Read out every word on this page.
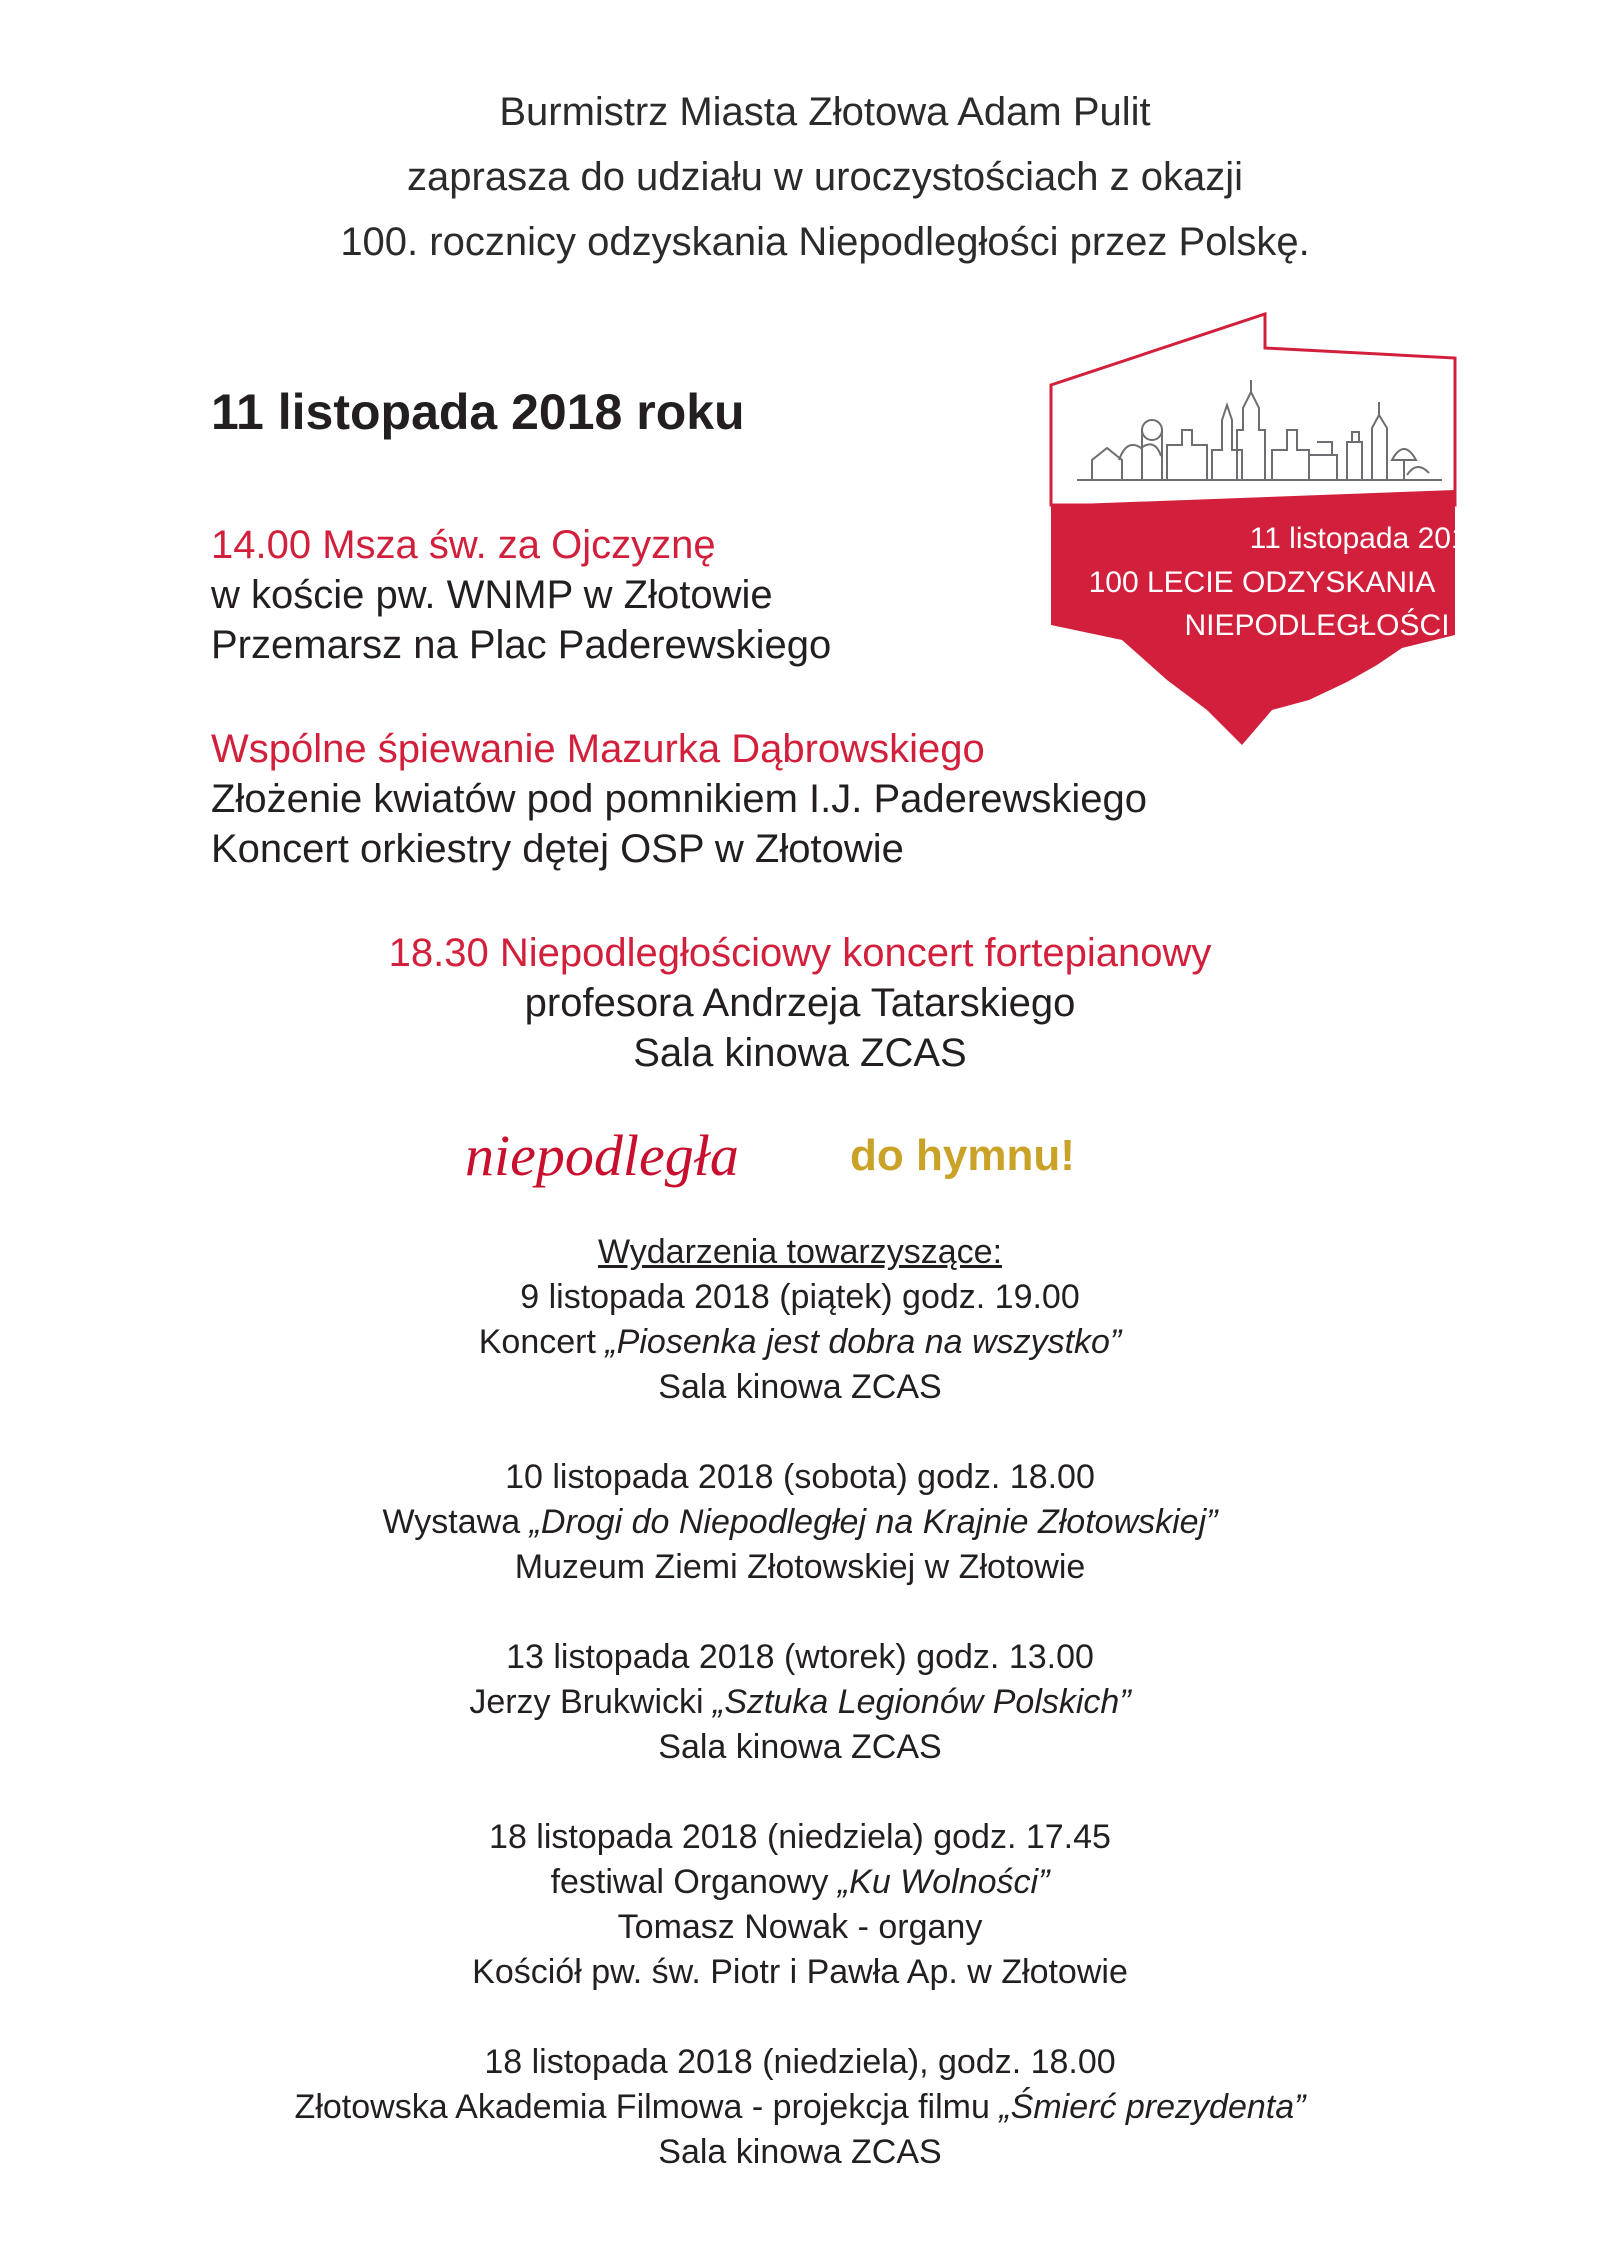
Burmistrz Miasta Złotowa Adam Pulit
zaprasza do udziału w uroczystościach z okazji
100. rocznicy odzyskania Niepodległości przez Polskę.
11 listopada 2018 roku
14.00 Msza św. za Ojczyznę
w koście pw. WNMP w Złotowie
Przemarsz na Plac Paderewskiego
Wspólne śpiewanie Mazurka Dąbrowskiego
Złożenie kwiatów pod pomnikiem I.J. Paderewskiego
Koncert orkiestry dętej OSP w Złotowie
18.30 Niepodległościowy koncert fortepianowy
profesora Andrzeja Tatarskiego
Sala kinowa ZCAS
11 listopada 2018
100 LECIE ODZYSKANIA
NIEPODLEGŁOŚCI
niepodległa	do hymnu!
Wydarzenia towarzyszące:
9 listopada 2018 (piątek) godz. 19.00
Koncert „Piosenka jest dobra na wszystko”
Sala kinowa ZCAS
10 listopada 2018 (sobota) godz. 18.00
Wystawa „Drogi do Niepodległej na Krajnie Złotowskiej”
Muzeum Ziemi Złotowskiej w Złotowie
13 listopada 2018 (wtorek) godz. 13.00
Jerzy Brukwicki „Sztuka Legionów Polskich”
Sala kinowa ZCAS
18 listopada 2018 (niedziela) godz. 17.45
festiwal Organowy „Ku Wolności”
Tomasz Nowak - organy
Kościół pw. św. Piotr i Pawła Ap. w Złotowie
18 listopada 2018 (niedziela), godz. 18.00
Złotowska Akademia Filmowa - projekcja filmu „Śmierć prezydenta”
Sala kinowa ZCAS
